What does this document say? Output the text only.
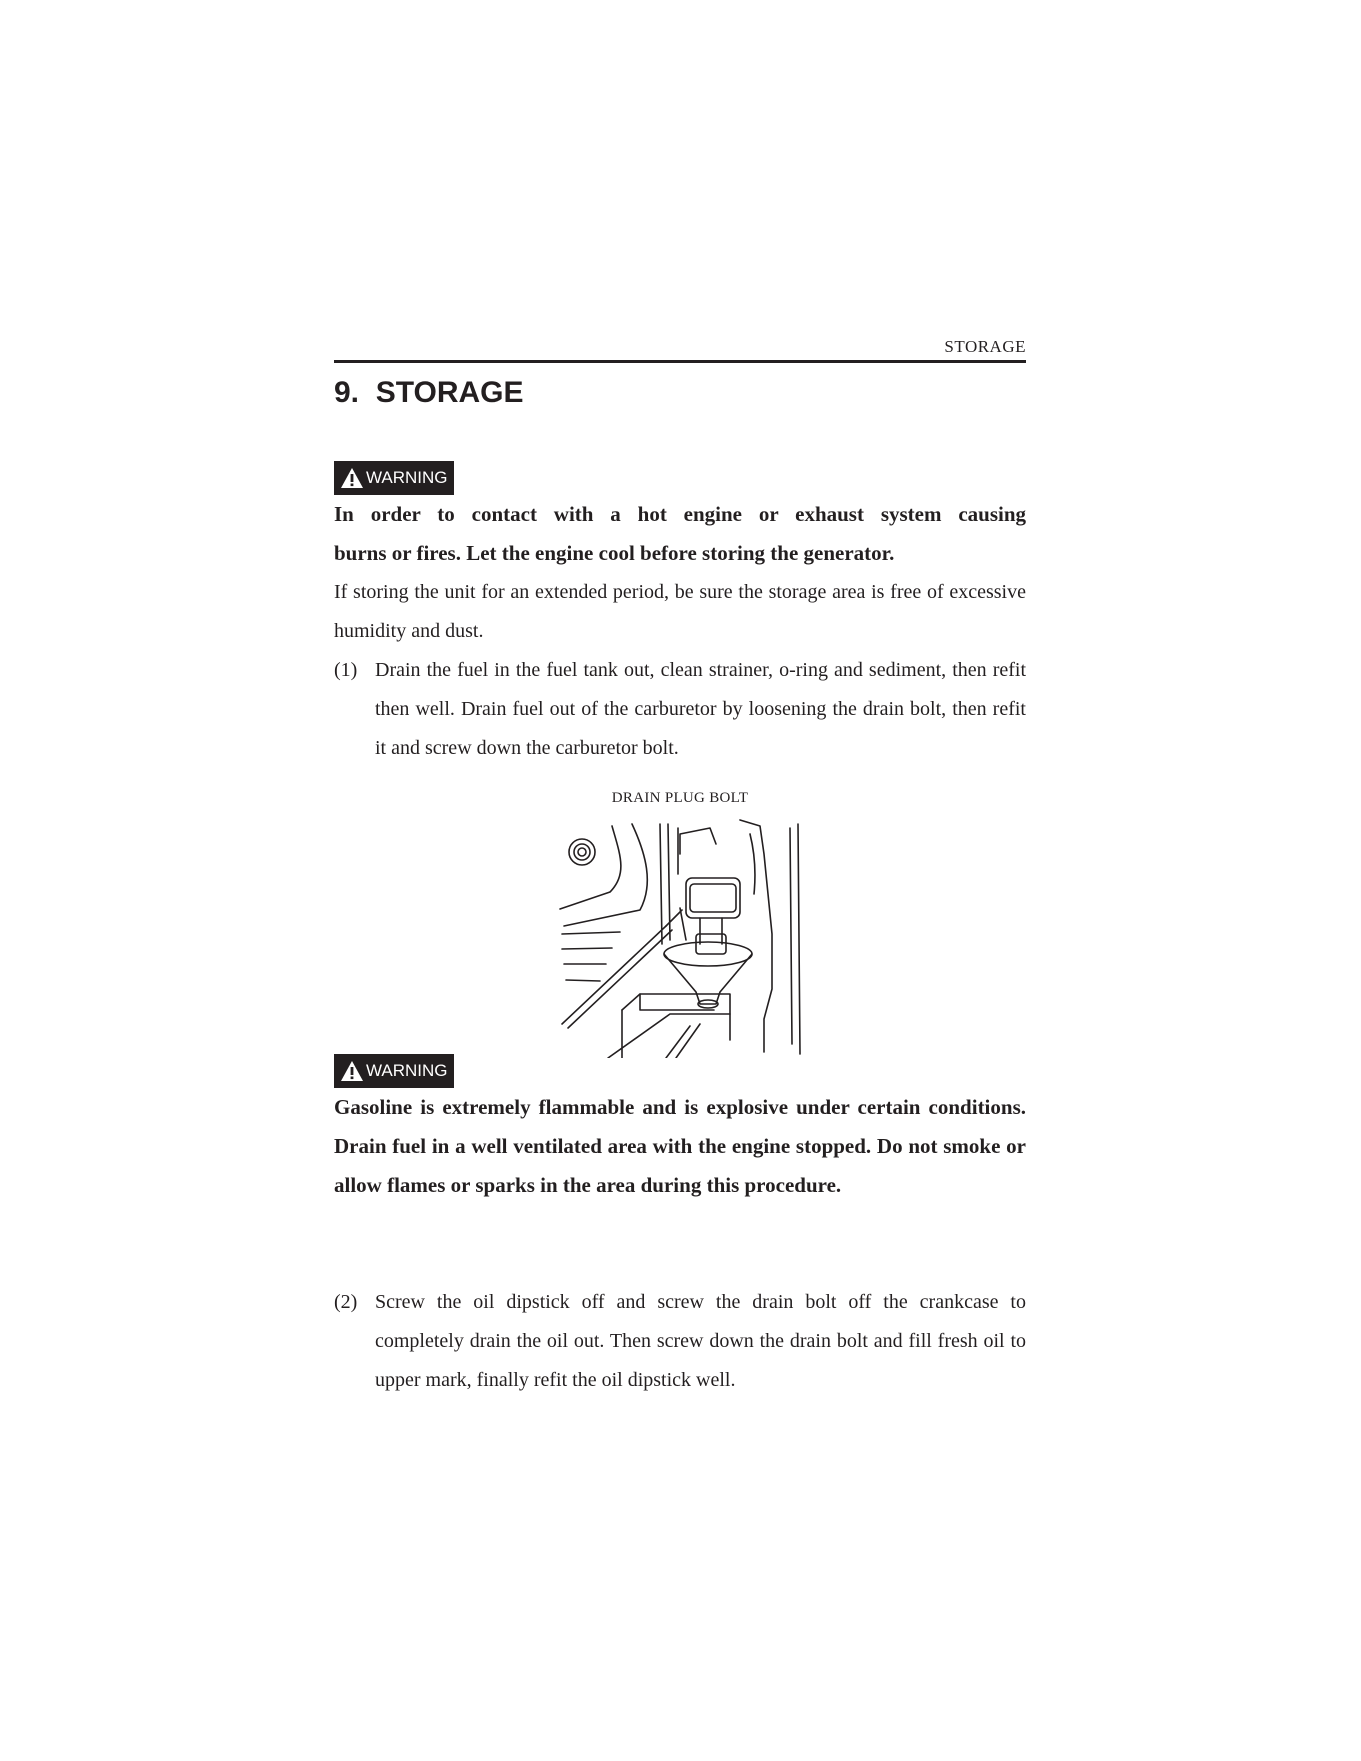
STORAGE
9.  STORAGE
WARNING
In order to contact with a hot engine or exhaust system causing
burns or fires. Let the engine cool before storing the generator.
If storing the unit for an extended period, be sure the storage area is free of excessive humidity and dust.
(1) Drain the fuel in the fuel tank out, clean strainer, o-ring and sediment, then refit then well. Drain fuel out of the carburetor by loosening the drain bolt, then refit it and screw down the carburetor bolt.
DRAIN PLUG BOLT
WARNING
Gasoline is extremely flammable and is explosive under certain conditions. Drain fuel in a well ventilated area with the engine stopped. Do not smoke or allow flames or sparks in the area during this procedure.
(2) Screw the oil dipstick off and screw the drain bolt off the crankcase to completely drain the oil out. Then screw down the drain bolt and fill fresh oil to upper mark, finally refit the oil dipstick well.
